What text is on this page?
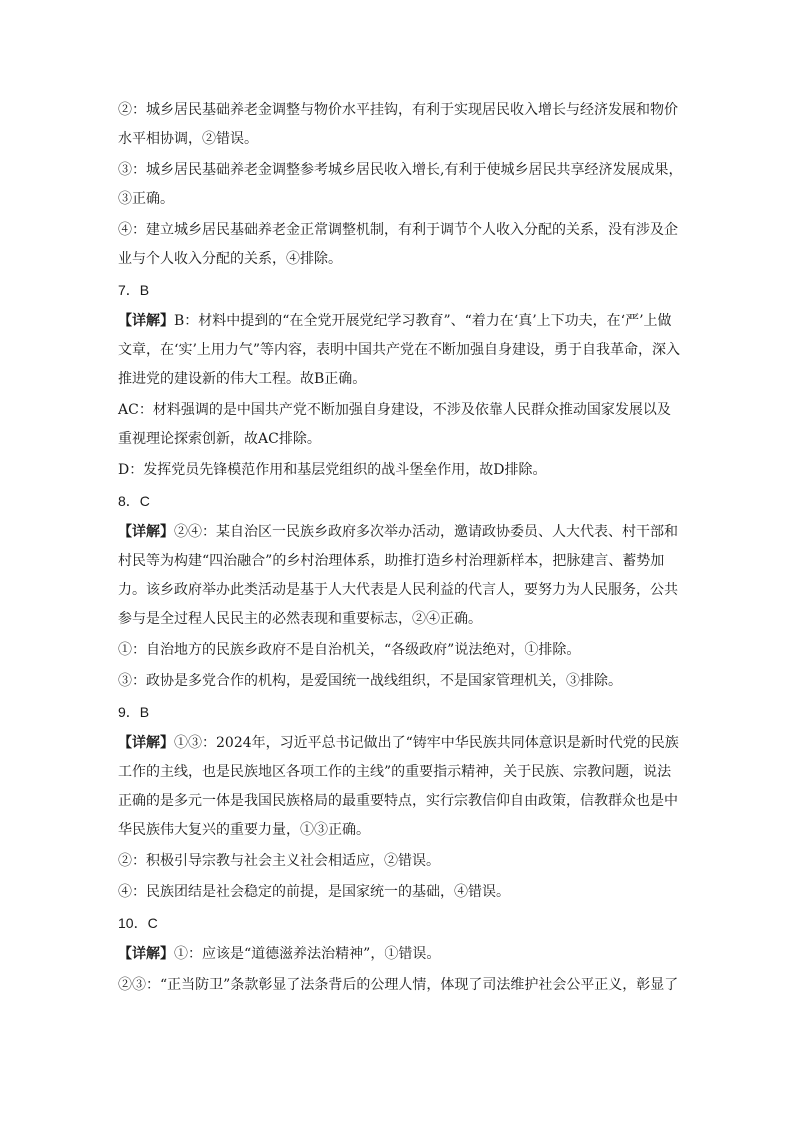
②：城乡居民基础养老金调整与物价水平挂钩，有利于实现居民收入增长与经济发展和物价水平相协调，②错误。

③：城乡居民基础养老金调整参考城乡居民收入增长,有利于使城乡居民共享经济发展成果，③正确。

④：建立城乡居民基础养老金正常调整机制，有利于调节个人收入分配的关系，没有涉及企业与个人收入分配的关系，④排除。

7．B

【详解】B：材料中提到的“在全党开展党纪学习教育”、“着力在‘真’上下功夫，在‘严’上做文章，在‘实’上用力气”等内容，表明中国共产党在不断加强自身建设，勇于自我革命，深入推进党的建设新的伟大工程。故B正确。

AC：材料强调的是中国共产党不断加强自身建设，不涉及依靠人民群众推动国家发展以及重视理论探索创新，故AC排除。

D：发挥党员先锋模范作用和基层党组织的战斗堡垒作用，故D排除。

8．C

【详解】②④：某自治区一民族乡政府多次举办活动，邀请政协委员、人大代表、村干部和村民等为构建“四治融合”的乡村治理体系，助推打造乡村治理新样本，把脉建言、蓄势加力。该乡政府举办此类活动是基于人大代表是人民利益的代言人，要努力为人民服务，公共参与是全过程人民民主的必然表现和重要标志，②④正确。

①：自治地方的民族乡政府不是自治机关，“各级政府”说法绝对，①排除。

③：政协是多党合作的机构，是爱国统一战线组织，不是国家管理机关，③排除。

9．B

【详解】①③：2024年，习近平总书记做出了“铸牢中华民族共同体意识是新时代党的民族工作的主线，也是民族地区各项工作的主线”的重要指示精神，关于民族、宗教问题，说法正确的是多元一体是我国民族格局的最重要特点，实行宗教信仰自由政策，信教群众也是中华民族伟大复兴的重要力量，①③正确。

②：积极引导宗教与社会主义社会相适应，②错误。

④：民族团结是社会稳定的前提，是国家统一的基础，④错误。

10．C

【详解】①：应该是“道德滋养法治精神”，①错误。

②③：“正当防卫”条款彰显了法条背后的公理人情，体现了司法维护社会公平正义，彰显了
